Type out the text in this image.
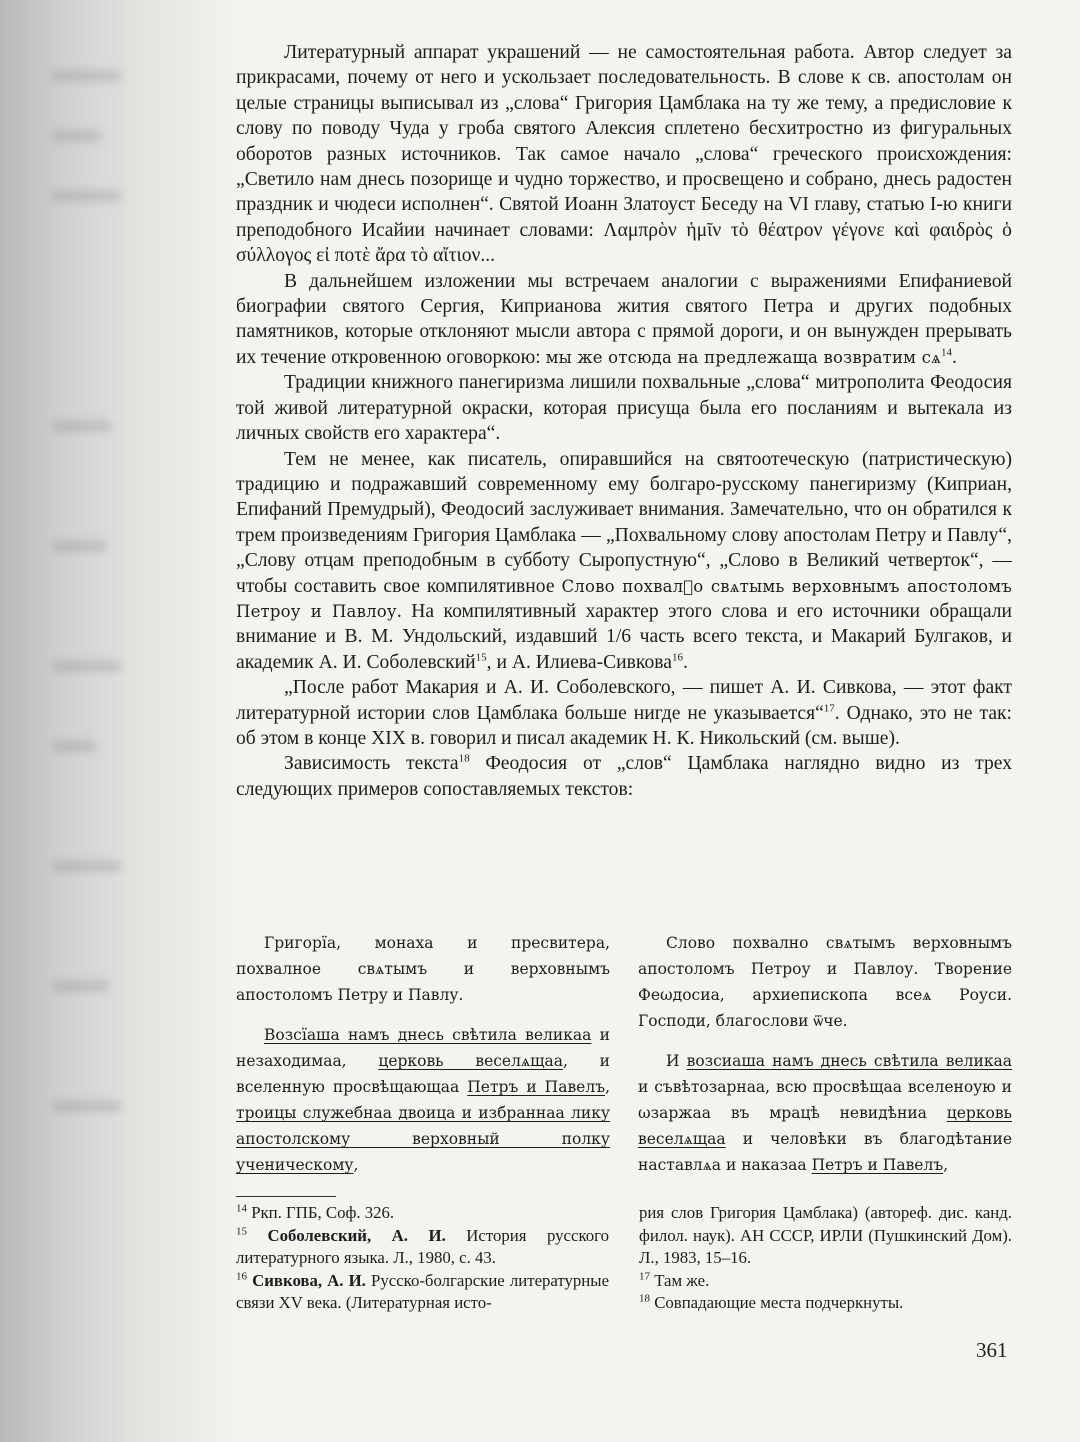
Литературный аппарат украшений — не самостоятельная работа. Автор следует за прикрасами, почему от него и ускользает последовательность. В слове к св. апостолам он целые страницы выписывал из „слова“ Григория Цамблака на ту же тему, а предисловие к слову по поводу Чуда у гроба святого Алексия сплетено бесхитростно из фигуральных оборотов разных источников. Так самое начало „слова“ греческого происхождения: „Светило нам днесь позорище и чудно торжество, и просвещено и собрано, днесь радостен праздник и чюдеси исполнен“. Святой Иоанн Златоуст Беседу на VI главу, статью I-ю книги преподобного Исайии начинает словами: Λαμπρὸν ἡμῖν τὸ θέατρον γέγονε καὶ φαιδρὸς ὁ σύλλογος εἰ ποτὲ ἄρα τὸ αἴτιον...

В дальнейшем изложении мы встречаем аналогии с выражениями Епифаниевой биографии святого Сергия, Киприанова жития святого Петра и других подобных памятников, которые отклоняют мысли автора с прямой дороги, и он вынужден прерывать их течение откровенною оговоркою: мы же отсюда на предлежаща возвратим $сѧ^{14}$.

Традиции книжного панегиризма лишили похвальные „слова“ митрополита Феодосия той живой литературной окраски, которая присуща была его посланиям и вытекала из личных свойств его характера“.

Тем не менее, как писатель, опиравшийся на святоотеческую (патристическую) традицию и подражавший современному ему болгаро-русскому панегиризму (Киприан, Епифаний Премудрый), Феодосий заслуживает внимания. Замечательно, что он обратился к трем произведениям Григория Цамблака — „Похвальному слову апостолам Петру и Павлу“, „Слову отцам преподобным в субботу Сыропустную“, „Слово в Великий четверток“, — чтобы составить свое компилятивное Слово похвалⷩо свѧтымь верховнымъ апостоломъ Петроу и Павлоу. На компилятивный характер этого слова и его источники обращали внимание и В. М. Ундольский, издавший 1/6 часть всего текста, и Макарий Булгаков, и академик А. И. Соболевский$^{15}$, и А. Илиева-Сивкова$^{16}$.

„После работ Макария и А. И. Соболевского, — пишет А. И. Сивкова, — этот факт литературной истории слов Цамблака больше нигде не указывается“$^{17}$. Однако, это не так: об этом в конце XIX в. говорил и писал академик Н. К. Никольский (см. выше).

Зависимость текста$^{18}$ Феодосия от „слов“ Цамблака наглядно видно из трех следующих примеров сопоставляемых текстов:

Григорїа, монаха и пресвитера, похвалное свѧтымъ и верховнымъ апостоломъ Петру и Павлу.

Возсїаша намъ днесь свѣтила великаа и незаходимаа, церковь веселѧщаа, и вселенную просвѣщающаа Петръ и Павелъ, троицы служебнаа двоица и избраннаа лику апостолскому верховный полку ученическому,

Слово похвално свѧтымъ верховнымъ апостоломъ Петроу и Павлоу. Творение Феωдосиа, архиепископа всеѧ Роуси. Господи, благослови ѿче.

И возсиаша намъ днесь свѣтила великаа и съвѣтозарнаа, всю просвѣщаа вселеноую и ωзаржаа въ мрацѣ невидѣниа церковь веселѧщаа и человѣки въ благодѣтание наставлѧа и наказаа Петръ и Павелъ,

$^{14}$ Ркп. ГПБ, Соф. 326.

$^{15}$ Соболевский, А. И. История русского литературного языка. Л., 1980, с. 43.

$^{16}$ Сивкова, А. И. Русско-болгарские литературные связи XV века. (Литературная исто-

рия слов Григория Цамблака) (автореф. дис. канд. филол. наук). АН СССР, ИРЛИ (Пушкинский Дом). Л., 1983, 15–16.

$^{17}$ Там же.

$^{18}$ Совпадающие места подчеркнуты.

361
